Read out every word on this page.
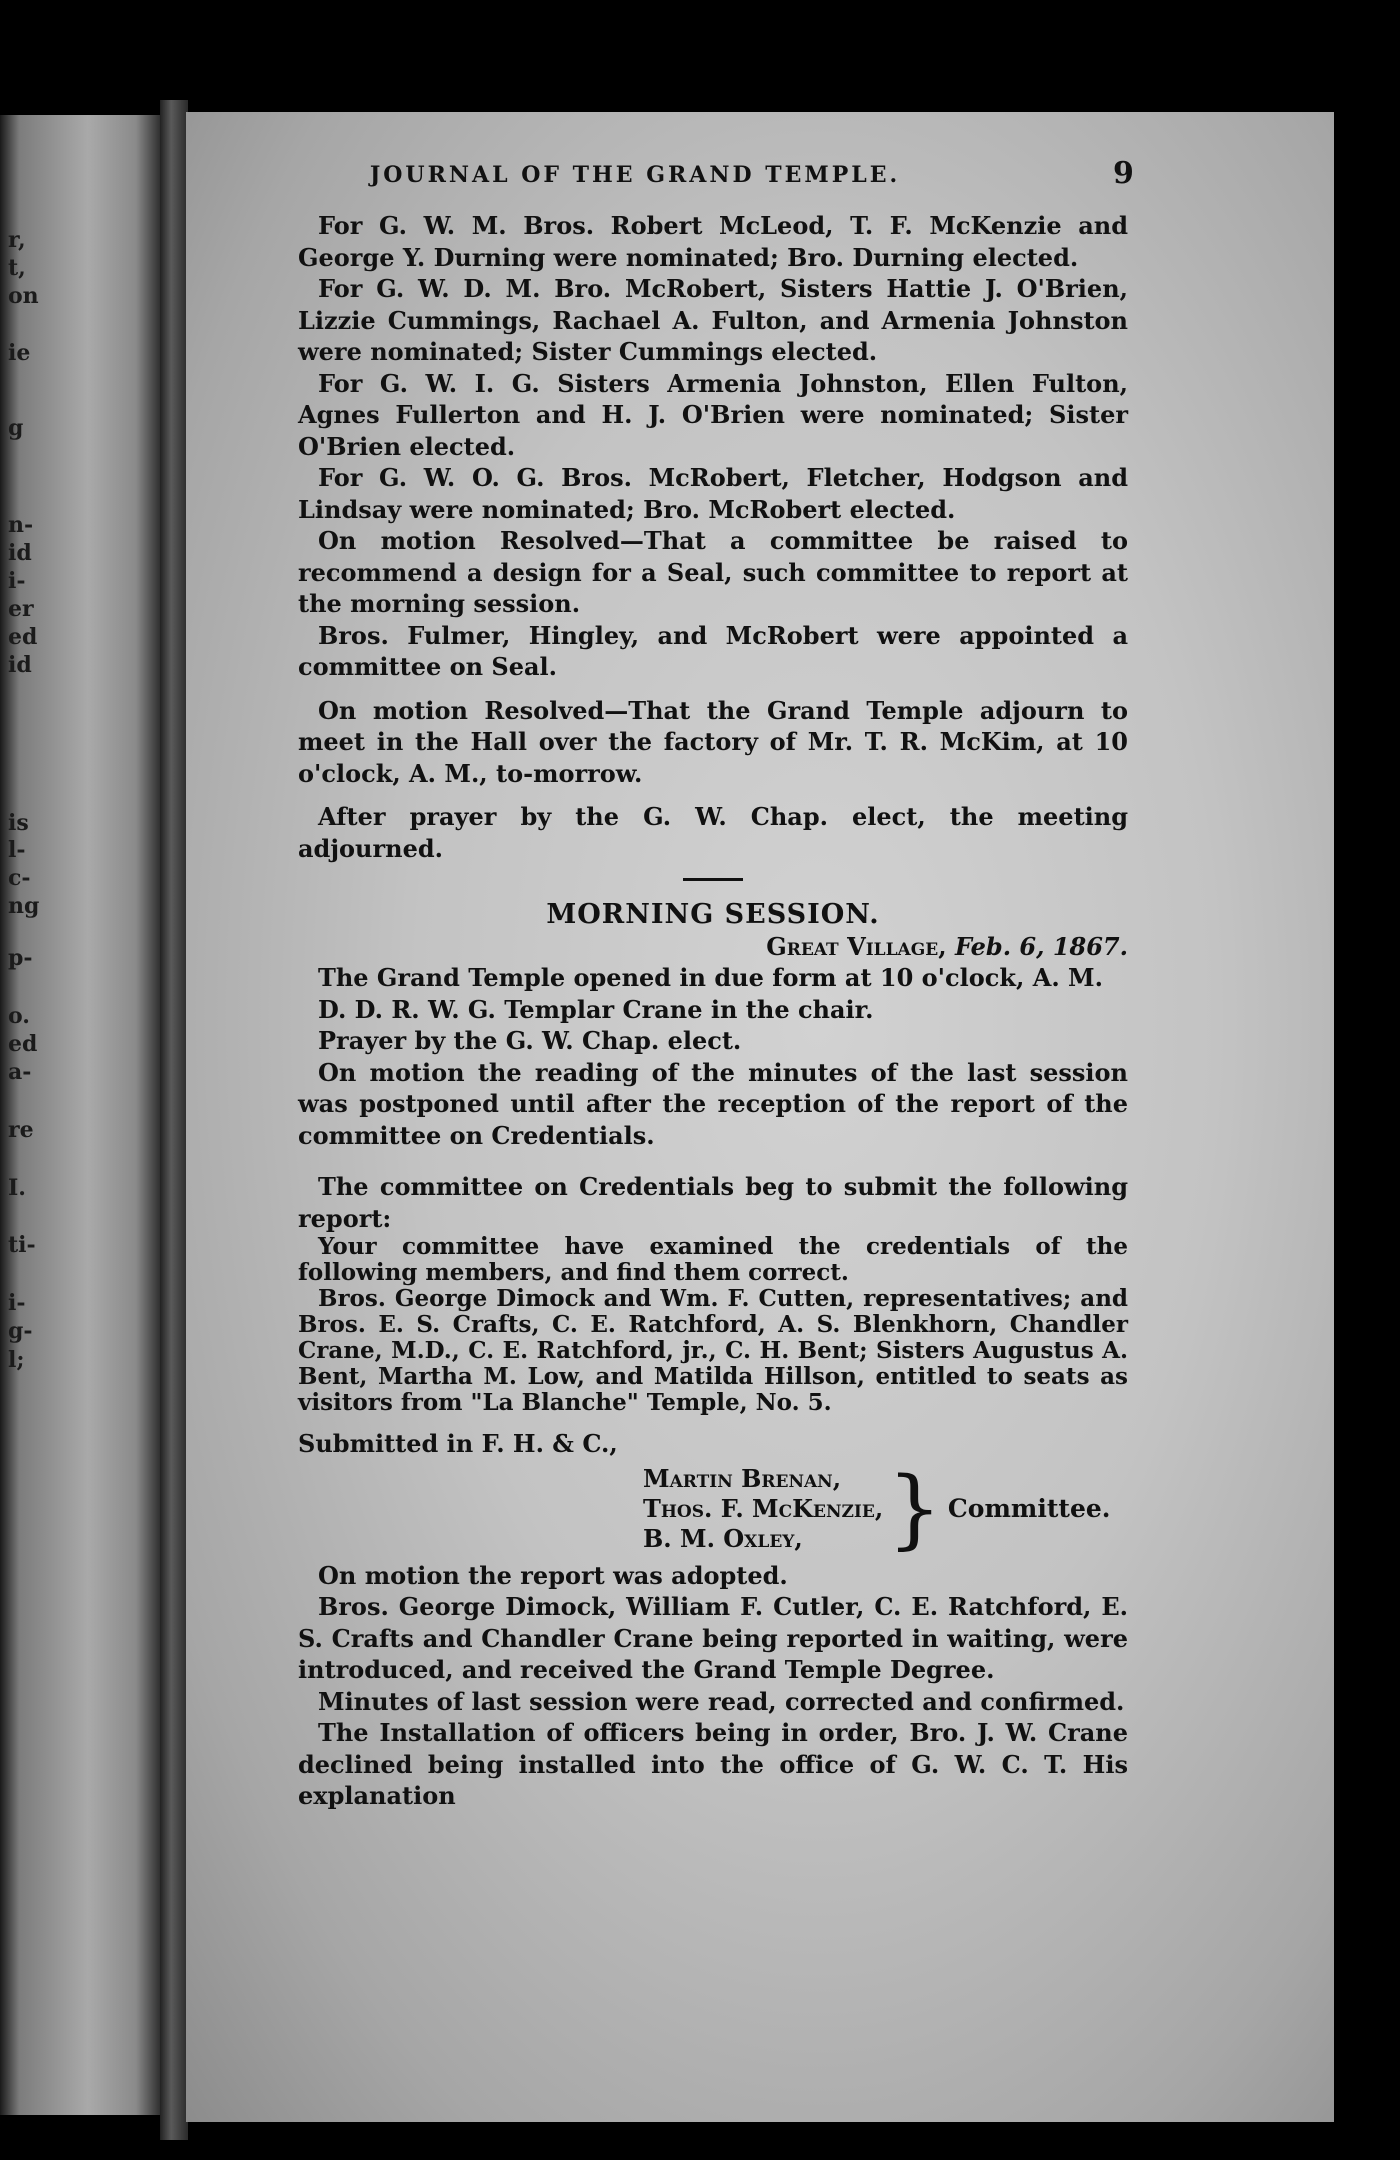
r,
t,
on
ie
g
n-
id
i-
er
ed
id
is
l-
c-
ng
p-
o.
ed
a-
re
I.
ti-
i-
g-
l;
JOURNAL OF THE GRAND TEMPLE.	9

For G. W. M. Bros. Robert McLeod, T. F. McKenzie and George Y. Durning were nominated; Bro. Durning elected.

For G. W. D. M. Bro. McRobert, Sisters Hattie J. O'Brien, Lizzie Cummings, Rachael A. Fulton, and Armenia Johnston were nominated; Sister Cummings elected.

For G. W. I. G. Sisters Armenia Johnston, Ellen Fulton, Agnes Fullerton and H. J. O'Brien were nominated; Sister O'Brien elected.

For G. W. O. G. Bros. McRobert, Fletcher, Hodgson and Lindsay were nominated; Bro. McRobert elected.

On motion Resolved—That a committee be raised to recommend a design for a Seal, such committee to report at the morning session.

Bros. Fulmer, Hingley, and McRobert were appointed a committee on Seal.

On motion Resolved—That the Grand Temple adjourn to meet in the Hall over the factory of Mr. T. R. McKim, at 10 o'clock, A. M., to-morrow.

After prayer by the G. W. Chap. elect, the meeting adjourned.

MORNING SESSION.

Great Village, Feb. 6, 1867.

The Grand Temple opened in due form at 10 o'clock, A. M.

D. D. R. W. G. Templar Crane in the chair.

Prayer by the G. W. Chap. elect.

On motion the reading of the minutes of the last session was postponed until after the reception of the report of the committee on Credentials.

The committee on Credentials beg to submit the following report:

Your committee have examined the credentials of the following members, and find them correct.

Bros. George Dimock and Wm. F. Cutten, representatives; and Bros. E. S. Crafts, C. E. Ratchford, A. S. Blenkhorn, Chandler Crane, M.D., C. E. Ratchford, jr., C. H. Bent; Sisters Augustus A. Bent, Martha M. Low, and Matilda Hillson, entitled to seats as visitors from "La Blanche" Temple, No. 5.

Submitted in F. H. & C.,

Martin Brenan,
Thos. F. McKenzie,
B. M. Oxley, } Committee.

On motion the report was adopted.

Bros. George Dimock, William F. Cutler, C. E. Ratchford, E. S. Crafts and Chandler Crane being reported in waiting, were introduced, and received the Grand Temple Degree.

Minutes of last session were read, corrected and confirmed.

The Installation of officers being in order, Bro. J. W. Crane declined being installed into the office of G. W. C. T. His explanation
